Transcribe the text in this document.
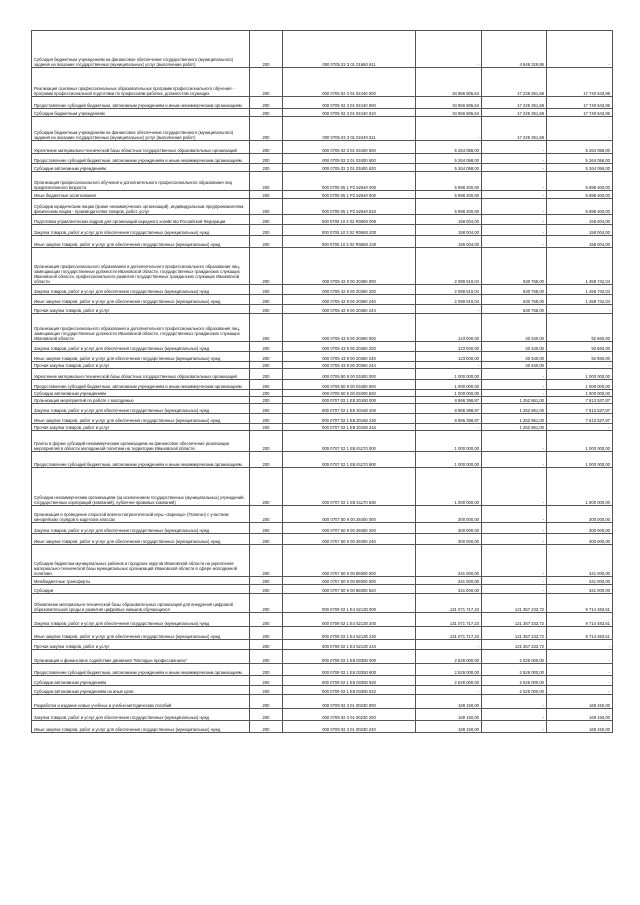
Субсидия бюджетным учреждениям на финансовое обеспечение государственного (муниципального) задания на оказание государственных (муниципальных) услуг (выполнение работ)	200	000 0705 02 3 01 01660 611	-	4 646 329,86	-
Реализация основных профессиональных образовательных программ профессионального обучения - программ профессиональной подготовки по профессиям рабочих, должностям служащих	200	000 0705 02 3 01 02440 000	34 966 805,64	17 226 261,68	17 740 543,96
Предоставление субсидий бюджетным, автономным учреждениям и иным некоммерческим организациям	200	000 0705 02 3 01 02440 600	34 966 805,64	17 226 261,68	17 740 543,96
Субсидии бюджетным учреждениям	200	000 0705 02 3 01 02440 610	34 966 805,64	17 226 261,68	17 740 543,96
Субсидии бюджетным учреждениям на финансовое обеспечение государственного (муниципального) задания на оказание государственных (муниципальных) услуг (выполнение работ)	200	000 0705 02 3 01 02440 611	-	17 226 261,68	-
Укрепление материально-технической базы областных государственных образовательных организаций	200	000 0705 02 3 01 03400 000	5 264 058,00	-	5 264 058,00
Предоставление субсидий бюджетным, автономным учреждениям и иным некоммерческим организациям	200	000 0705 02 3 01 03400 600	5 264 058,00	-	5 264 058,00
Субсидии автономным учреждениям	200	000 0705 02 3 01 03400 620	5 264 058,00	-	5 264 058,00
Организация профессионального обучения и дополнительного профессионального образования лиц предпенсионного возраста	200	000 0705 05 1 P2 52940 000	5 898 400,00	-	5 898 400,00
Иные бюджетные ассигнования	200	000 0705 05 1 P2 52940 800	5 898 400,00	-	5 898 400,00
Субсидии юридическим лицам (кроме некоммерческих организаций), индивидуальным предпринимателям, физическим лицам - производителям товаров, работ, услуг	200	000 0705 05 1 P2 52940 810	5 898 400,00	-	5 898 400,00
Подготовка управленческих кадров для организаций народного хозяйства Российской Федерации	200	000 0705 10 3 02 R0660 000	158 004,00	-	158 004,00
Закупка товаров, работ и услуг для обеспечения государственных (муниципальных) нужд	200	000 0705 10 3 02 R0660 200	158 004,00	-	158 004,00
Иные закупки товаров, работ и услуг для обеспечения государственных (муниципальных) нужд	200	000 0705 10 3 02 R0660 240	158 004,00	-	158 004,00
Организация профессионального образования и дополнительного профессионального образования лиц, замещающих государственные должности Ивановской области, государственных гражданских служащих Ивановской области, профессионального развития государственных гражданских служащих Ивановской области	200	000 0705 42 9 00 20360 000	2 089 510,04	630 768,00	1 458 742,04
Закупка товаров, работ и услуг для обеспечения государственных (муниципальных) нужд	200	000 0705 42 9 00 20360 200	2 089 510,04	630 768,00	1 458 742,04
Иные закупки товаров, работ и услуг для обеспечения государственных (муниципальных) нужд	200	000 0705 42 9 00 20360 240	2 089 510,04	630 768,00	1 458 742,04
Прочая закупка товаров, работ и услуг	200	000 0705 42 9 00 20360 244	-	630 768,00	-
Организация профессионального образования и дополнительного профессионального образования лиц, замещающих государственные должности Ивановской области, государственных гражданских служащих Ивановской области	200	000 0705 43 9 00 20360 000	123 000,00	30 340,00	92 660,00
Закупка товаров, работ и услуг для обеспечения государственных (муниципальных) нужд	200	000 0705 43 9 00 20360 200	123 000,00	30 340,00	92 660,00
Иные закупки товаров, работ и услуг для обеспечения государственных (муниципальных) нужд	200	000 0705 43 9 00 20360 240	123 000,00	30 340,00	92 660,00
Прочая закупка товаров, работ и услуг	200	000 0705 43 9 00 20360 244	-	30 340,00	-
Укрепление материально-технической базы областных государственных образовательных организаций	200	000 0705 50 9 00 03400 000	1 000 000,00	-	1 000 000,00
Предоставление субсидий бюджетным, автономным учреждениям и иным некоммерческим организациям	200	000 0705 50 9 00 03400 600	1 000 000,00	-	1 000 000,00
Субсидии автономным учреждениям	200	000 0705 50 9 00 03400 620	1 000 000,00	-	1 000 000,00
Организация мероприятий по работе с молодежью	200	000 0707 02 1 E8 20160 000	8 866 398,87	1 252 861,00	7 613 537,87
Закупка товаров, работ и услуг для обеспечения государственных (муниципальных) нужд	200	000 0707 02 1 E8 20160 200	8 866 398,87	1 252 861,00	7 613 537,87
Иные закупки товаров, работ и услуг для обеспечения государственных (муниципальных) нужд	200	000 0707 02 1 E8 20160 240	8 866 398,87	1 252 861,00	7 613 537,87
Прочая закупка товаров, работ и услуг	200	000 0707 02 1 E8 20160 244	-	1 252 861,00	-
Гранты в форме субсидий некоммерческим организациям на финансовое обеспечение реализации мероприятий в области молодежной политики на территории Ивановской области	200	000 0707 02 1 E8 61170 000	1 000 000,00	-	1 000 000,00
Предоставление субсидий бюджетным, автономным учреждениям и иным некоммерческим организациям	200	000 0707 02 1 E8 61170 600	1 000 000,00	-	1 000 000,00
Субсидии некоммерческим организациям (за исключением государственных (муниципальных) учреждений, государственных корпораций (компаний), публично-правовых компаний)	200	000 0707 02 1 E8 61170 630	1 000 000,00	-	1 000 000,00
Организация и проведение открытой военно-патриотической игры «Зарница» (Полигон) с участием кинорейских отрядов в кадетских классах	200	000 0707 50 9 00 28400 000	300 000,00	-	300 000,00
Закупка товаров, работ и услуг для обеспечения государственных (муниципальных) нужд	200	000 0707 50 9 00 28400 200	300 000,00	-	300 000,00
Иные закупки товаров, работ и услуг для обеспечения государственных (муниципальных) нужд	200	000 0707 50 9 00 28400 240	300 000,00	-	300 000,00
Субсидии бюджетам муниципальных районов и городских округов Ивановской области на укрепление материально-технической базы муниципальных организаций Ивановской области в сфере молодежной политики	200	000 0707 50 9 00 89300 000	341 000,00	-	341 000,00
Межбюджетные трансферты	200	000 0707 50 9 00 89300 500	341 000,00	-	341 000,00
Субсидии	200	000 0707 50 9 00 89300 520	341 000,00	-	341 000,00
Обновление материально-технической базы образовательных организаций для внедрения цифровой образовательной среды и развития цифровых навыков обучающихся	200	000 0709 02 1 E4 52130 000	131 071 717,23	121 357 233,72	9 714 483,51
Закупка товаров, работ и услуг для обеспечения государственных (муниципальных) нужд	200	000 0709 02 1 E4 52130 200	131 071 717,23	121 357 233,72	9 714 483,51
Иные закупки товаров, работ и услуг для обеспечения государственных (муниципальных) нужд	200	000 0709 02 1 E4 52130 240	131 071 717,23	121 357 233,72	9 714 483,51
Прочая закупка товаров, работ и услуг	200	000 0709 02 1 E4 52130 244	-	121 357 233,72	-
Организация и финансовое содействие движения "Молодые профессионалы"	200	000 0709 02 1 E6 03350 000	2 526 000,00	2 526 000,00	-
Предоставление субсидий бюджетным, автономным учреждениям и иным некоммерческим организациям	200	000 0709 02 1 E6 03350 600	2 526 000,00	2 526 000,00	-
Субсидии автономным учреждениям	200	000 0709 02 1 E6 03350 620	2 526 000,00	2 526 000,00	-
Субсидии автономным учреждениям на иные цели	200	000 0709 02 1 E6 03350 622	-	2 526 000,00	-
Разработка и издание новых учебных и учебно-методических пособий	200	000 0709 02 3 01 00230 000	169 150,00	-	169 150,00
Закупка товаров, работ и услуг для обеспечения государственных (муниципальных) нужд	200	000 0709 02 3 01 00230 200	169 150,00	-	169 150,00
Иные закупки товаров, работ и услуг для обеспечения государственных (муниципальных) нужд	200	000 0709 02 3 01 00230 240	169 150,00	-	169 150,00
